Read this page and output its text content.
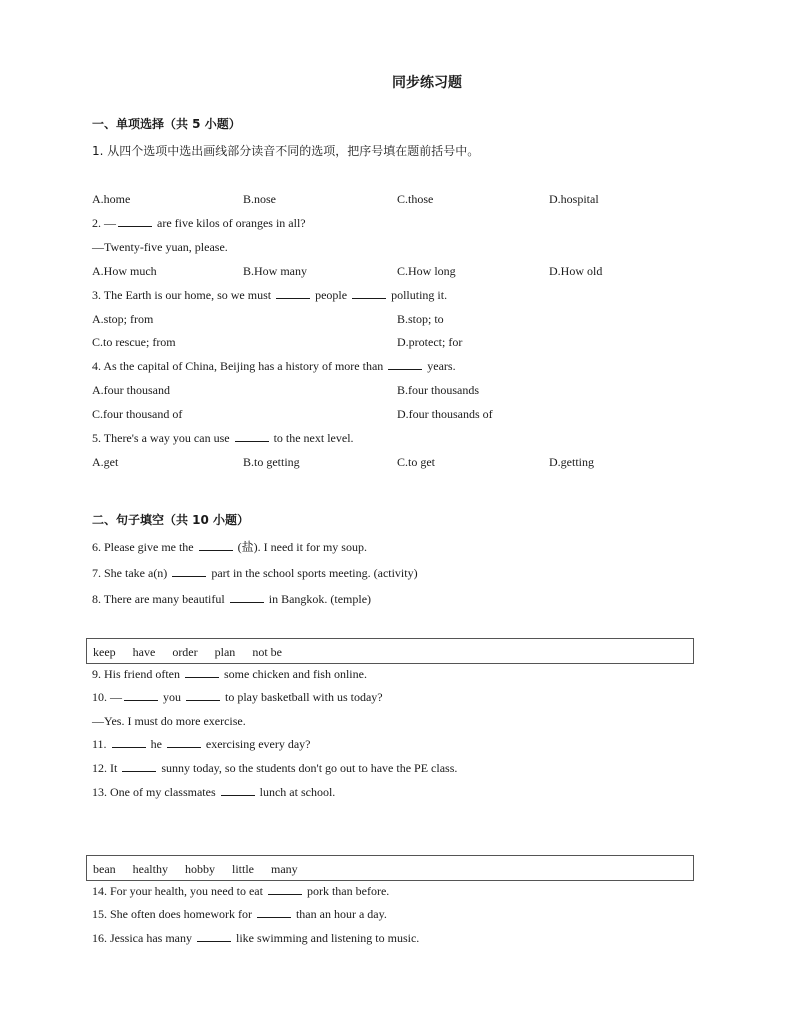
同步练习题
一、单项选择（共 5 小题）
1. 从四个选项中选出画线部分读音不同的选项，把序号填在题前括号中。
A.home	B.nose	C.those	D.hospital
2. —	are five kilos of oranges in all?
—Twenty-five yuan, please.
A.How much	B.How many	C.How long	D.How old
3. The Earth is our home, so we must	people	polluting it.
A.stop; from	B.stop; to
C.to rescue; from	D.protect; for
4. As the capital of China, Beijing has a history of more than	years.
A.four thousand	B.four thousands
C.four thousand of	D.four thousands of
5. There's a way you can use	to the next level.
A.get	B.to getting	C.to get	D.getting
二、句子填空（共 10 小题）
6. Please give me the	(盐). I need it for my soup.
7. She take a(n)	part in the school sports meeting. (activity)
8. There are many beautiful	in Bangkok. (temple)
keep have order plan not be
9. His friend often	some chicken and fish online.
10. —	you	to play basketball with us today?
—Yes. I must do more exercise.
11.	he	exercising every day?
12. It	sunny today, so the students don't go out to have the PE class.
13. One of my classmates	lunch at school.
bean healthy hobby little many
14. For your health, you need to eat	pork than before.
15. She often does homework for	than an hour a day.
16. Jessica has many	like swimming and listening to music.
